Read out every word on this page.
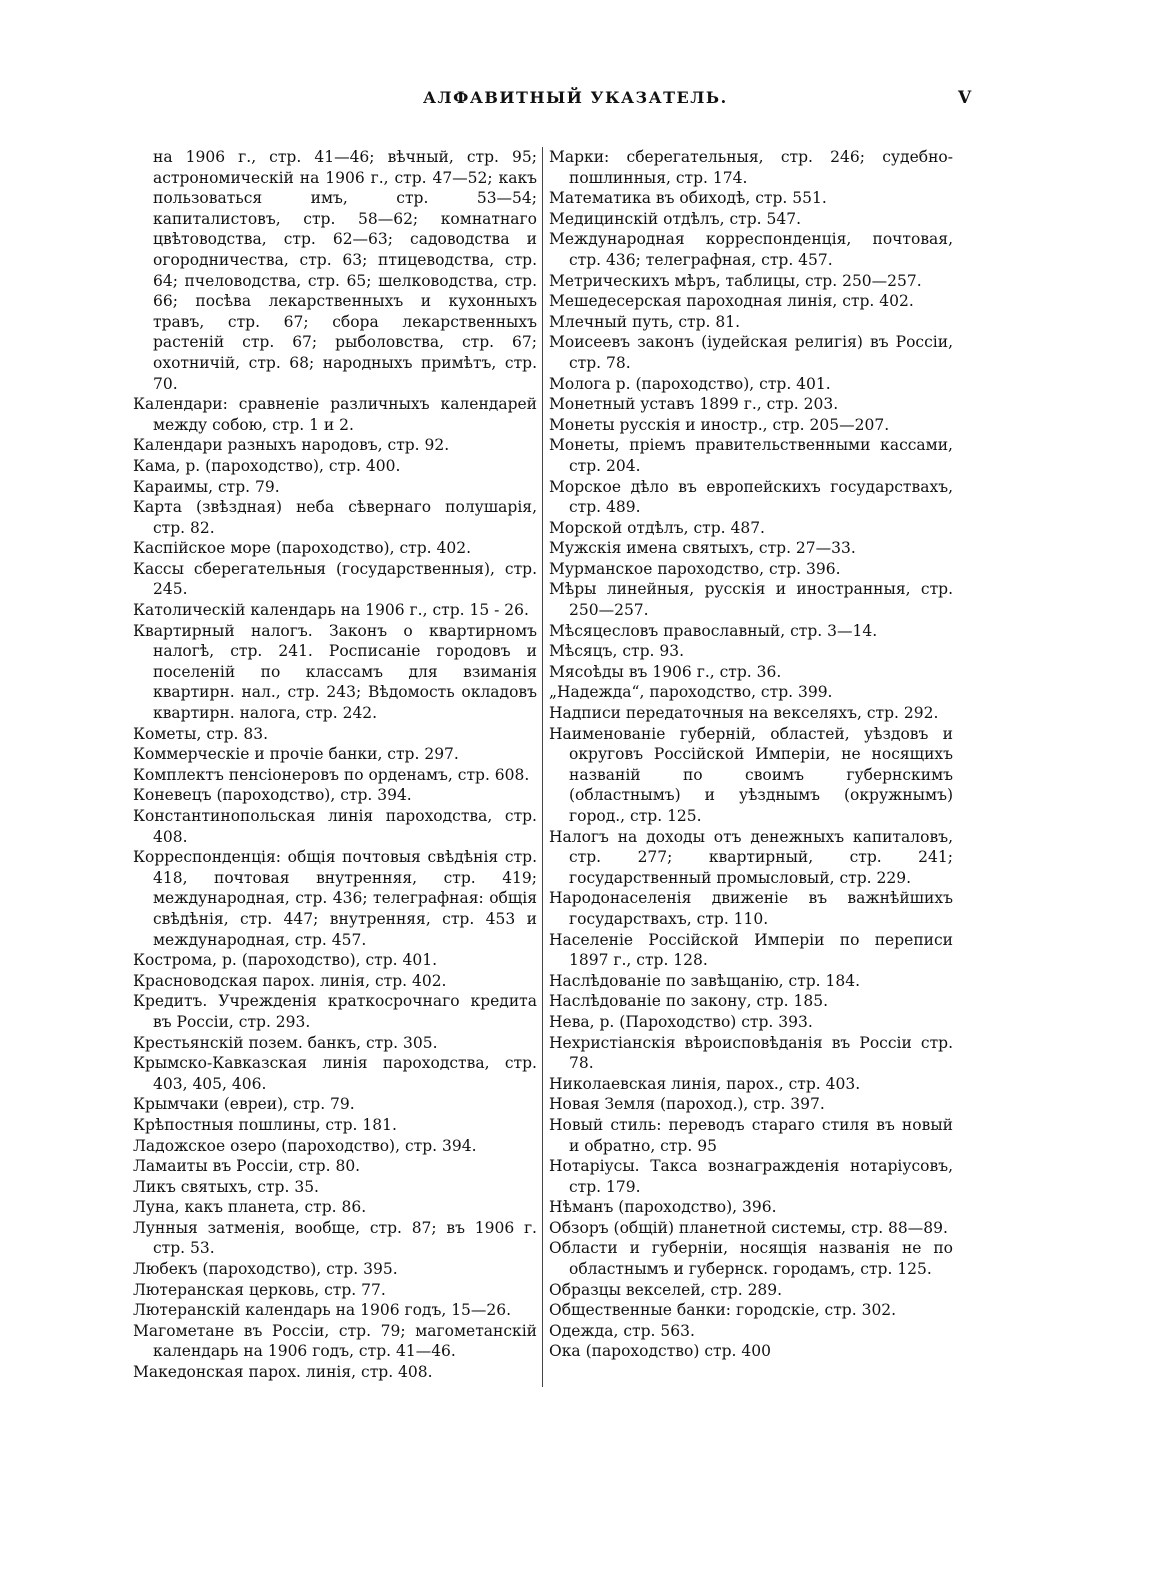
АЛФАВИТНЫЙ УКАЗАТЕЛЬ.	V

на 1906 г., стр. 41—46; вѣчный, стр. 95; астрономическій на 1906 г., стр. 47—52; какъ пользоваться имъ, стр. 53—54; капиталистовъ, стр. 58—62; комнатнаго цвѣтоводства, стр. 62—63; садоводства и огородничества, стр. 63; птицеводства, стр. 64; пчеловодства, стр. 65; шелководства, стр. 66; посѣва лекарственныхъ и кухонныхъ травъ, стр. 67; сбора лекарственныхъ растеній стр. 67; рыболовства, стр. 67; охотничій, стр. 68; народныхъ примѣтъ, стр. 70.

Календари: сравненіе различныхъ календарей между собою, стр. 1 и 2.

Календари разныхъ народовъ, стр. 92.

Кама, р. (пароходство), стр. 400.

Караимы, стр. 79.

Карта (звѣздная) неба сѣвернаго полушарія, стр. 82.

Каспійское море (пароходство), стр. 402.

Кассы сберегательныя (государственныя), стр. 245.

Католическій календарь на 1906 г., стр. 15 - 26.

Квартирный налогъ. Законъ о квартирномъ налогѣ, стр. 241. Росписаніе городовъ и поселеній по классамъ для взиманія квартирн. нал., стр. 243; Вѣдомость окладовъ квартирн. налога, стр. 242.

Кометы, стр. 83.

Коммерческіе и прочіе банки, стр. 297.

Комплектъ пенсіонеровъ по орденамъ, стр. 608.

Коневецъ (пароходство), стр. 394.

Константинопольская линія пароходства, стр. 408.

Корреспонденція: общія почтовыя свѣдѣнія стр. 418, почтовая внутренняя, стр. 419; международная, стр. 436; телеграфная: общія свѣдѣнія, стр. 447; внутренняя, стр. 453 и международная, стр. 457.

Кострома, р. (пароходство), стр. 401.

Красноводская парох. линія, стр. 402.

Кредитъ. Учрежденія краткосрочнаго кредита въ Россіи, стр. 293.

Крестьянскій позем. банкъ, стр. 305.

Крымско-Кавказская линія пароходства, стр. 403, 405, 406.

Крымчаки (евреи), стр. 79.

Крѣпостныя пошлины, стр. 181.

Ладожское озеро (пароходство), стр. 394.

Ламаиты въ Россіи, стр. 80.

Ликъ святыхъ, стр. 35.

Луна, какъ планета, стр. 86.

Лунныя затменія, вообще, стр. 87; въ 1906 г. стр. 53.

Любекъ (пароходство), стр. 395.

Лютеранская церковь, стр. 77.

Лютеранскій календарь на 1906 годъ, 15—26.

Магометане въ Россіи, стр. 79; магометанскій календарь на 1906 годъ, стр. 41—46.

Македонская парох. линія, стр. 408.

Марки: сберегательныя, стр. 246; судебно-пошлинныя, стр. 174.

Математика въ обиходѣ, стр. 551.

Медицинскій отдѣлъ, стр. 547.

Международная корреспонденція, почтовая, стр. 436; телеграфная, стр. 457.

Метрическихъ мѣръ, таблицы, стр. 250—257.

Мешедесерская пароходная линія, стр. 402.

Млечный путь, стр. 81.

Моисеевъ законъ (іудейская религія) въ Россіи, стр. 78.

Молога р. (пароходство), стр. 401.

Монетный уставъ 1899 г., стр. 203.

Монеты русскія и иностр., стр. 205—207.

Монеты, пріемъ правительственными кассами, стр. 204.

Морское дѣло въ европейскихъ государствахъ, стр. 489.

Морской отдѣлъ, стр. 487.

Мужскія имена святыхъ, стр. 27—33.

Мурманское пароходство, стр. 396.

Мѣры линейныя, русскія и иностранныя, стр. 250—257.

Мѣсяцесловъ православный, стр. 3—14.

Мѣсяцъ, стр. 93.

Мясоѣды въ 1906 г., стр. 36.

„Надежда“, пароходство, стр. 399.

Надписи передаточныя на векселяхъ, стр. 292.

Наименованіе губерній, областей, уѣздовъ и округовъ Россійской Имперіи, не носящихъ названій по своимъ губернскимъ (областнымъ) и уѣзднымъ (окружнымъ) город., стр. 125.

Налогъ на доходы отъ денежныхъ капиталовъ, стр. 277; квартирный, стр. 241; государственный промысловый, стр. 229.

Народонаселенія движеніе въ важнѣйшихъ государствахъ, стр. 110.

Населеніе Россійской Имперіи по переписи 1897 г., стр. 128.

Наслѣдованіе по завѣщанію, стр. 184.

Наслѣдованіе по закону, стр. 185.

Нева, р. (Пароходство) стр. 393.

Нехристіанскія вѣроисповѣданія въ Россіи стр. 78.

Николаевская линія, парох., стр. 403.

Новая Земля (пароход.), стр. 397.

Новый стиль: переводъ стараго стиля въ новый и обратно, стр. 95

Нотаріусы. Такса вознагражденія нотаріусовъ, стр. 179.

Нѣманъ (пароходство), 396.

Обзоръ (общій) планетной системы, стр. 88—89.

Области и губерніи, носящія названія не по областнымъ и губернск. городамъ, стр. 125.

Образцы векселей, стр. 289.

Общественные банки: городскіе, стр. 302.

Одежда, стр. 563.

Ока (пароходство) стр. 400
